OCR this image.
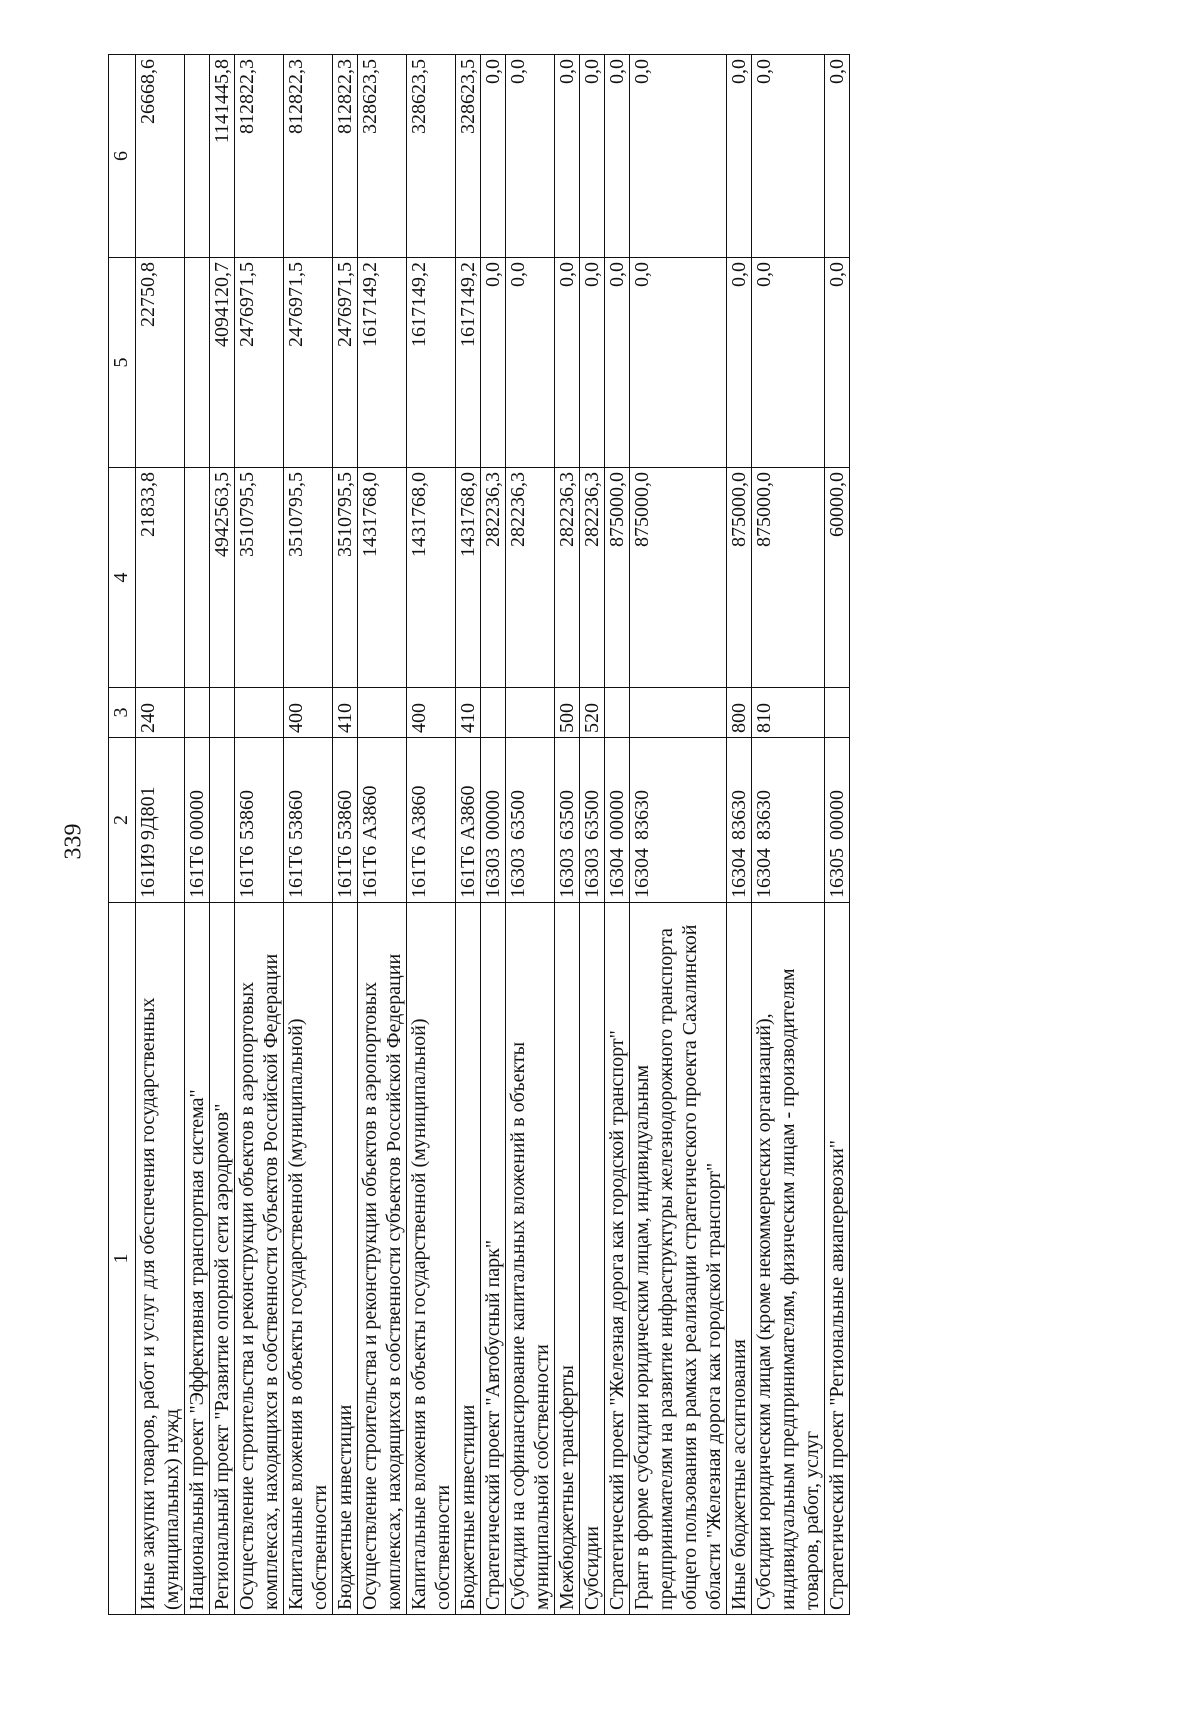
339
1	2	3	4	5	6
Иные закупки товаров, работ и услуг для обеспечения государственных (муниципальных) нужд	161И99Д801	240	21833,8	22750,8	26668,6
Национальный проект "Эффективная транспортная система"	161Т600000				
Региональный проект "Развитие опорной сети аэродромов"			4942563,5	4094120,7	1141445,8
Осуществление строительства и реконструкции объектов в аэропортовых комплексах, находящихся в собственности субъектов Российской Федерации	161Т653860		3510795,5	2476971,5	812822,3
Капитальные вложения в объекты государственной (муниципальной) собственности	161Т653860	400	3510795,5	2476971,5	812822,3
Бюджетные инвестиции	161Т653860	410	3510795,5	2476971,5	812822,3
Осуществление строительства и реконструкции объектов в аэропортовых комплексах, находящихся в собственности субъектов Российской Федерации	161Т6А3860		1431768,0	1617149,2	328623,5
Капитальные вложения в объекты государственной (муниципальной) собственности	161Т6А3860	400	1431768,0	1617149,2	328623,5
Бюджетные инвестиции	161Т6А3860	410	1431768,0	1617149,2	328623,5
Стратегический проект "Автобусный парк"	1630300000		282236,3	0,0	0,0
Субсидии на софинансирование капитальных вложений в объекты муниципальной собственности	1630363500		282236,3	0,0	0,0
Межбюджетные трансферты	1630363500	500	282236,3	0,0	0,0
Субсидии	1630363500	520	282236,3	0,0	0,0
Стратегический проект "Железная дорога как городской транспорт"	1630400000		875000,0	0,0	0,0
Грант в форме субсидии юридическим лицам, индивидуальным предпринимателям на развитие инфраструктуры железнодорожного транспорта общего пользования в рамках реализации стратегического проекта Сахалинской области "Железная дорога как городской транспорт"	1630483630		875000,0	0,0	0,0
Иные бюджетные ассигнования	1630483630	800	875000,0	0,0	0,0
Субсидии юридическим лицам (кроме некоммерческих организаций), индивидуальным предпринимателям, физическим лицам - производителям товаров, работ, услуг	1630483630	810	875000,0	0,0	0,0
Стратегический проект "Региональные авиаперевозки"	1630500000		60000,0	0,0	0,0
